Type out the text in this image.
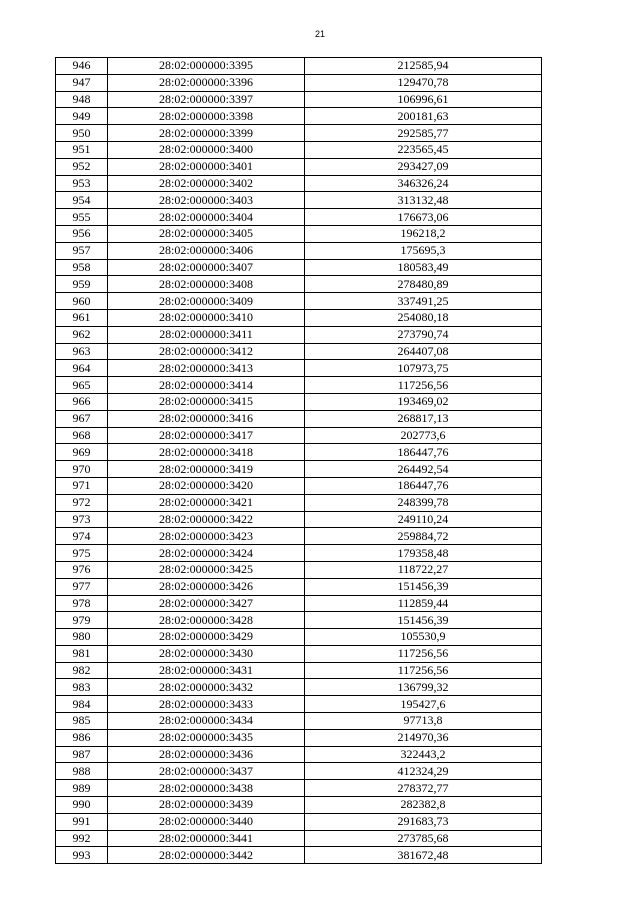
21
946	28:02:000000:3395	212585,94
947	28:02:000000:3396	129470,78
948	28:02:000000:3397	106996,61
949	28:02:000000:3398	200181,63
950	28:02:000000:3399	292585,77
951	28:02:000000:3400	223565,45
952	28:02:000000:3401	293427,09
953	28:02:000000:3402	346326,24
954	28:02:000000:3403	313132,48
955	28:02:000000:3404	176673,06
956	28:02:000000:3405	196218,2
957	28:02:000000:3406	175695,3
958	28:02:000000:3407	180583,49
959	28:02:000000:3408	278480,89
960	28:02:000000:3409	337491,25
961	28:02:000000:3410	254080,18
962	28:02:000000:3411	273790,74
963	28:02:000000:3412	264407,08
964	28:02:000000:3413	107973,75
965	28:02:000000:3414	117256,56
966	28:02:000000:3415	193469,02
967	28:02:000000:3416	268817,13
968	28:02:000000:3417	202773,6
969	28:02:000000:3418	186447,76
970	28:02:000000:3419	264492,54
971	28:02:000000:3420	186447,76
972	28:02:000000:3421	248399,78
973	28:02:000000:3422	249110,24
974	28:02:000000:3423	259884,72
975	28:02:000000:3424	179358,48
976	28:02:000000:3425	118722,27
977	28:02:000000:3426	151456,39
978	28:02:000000:3427	112859,44
979	28:02:000000:3428	151456,39
980	28:02:000000:3429	105530,9
981	28:02:000000:3430	117256,56
982	28:02:000000:3431	117256,56
983	28:02:000000:3432	136799,32
984	28:02:000000:3433	195427,6
985	28:02:000000:3434	97713,8
986	28:02:000000:3435	214970,36
987	28:02:000000:3436	322443,2
988	28:02:000000:3437	412324,29
989	28:02:000000:3438	278372,77
990	28:02:000000:3439	282382,8
991	28:02:000000:3440	291683,73
992	28:02:000000:3441	273785,68
993	28:02:000000:3442	381672,48
